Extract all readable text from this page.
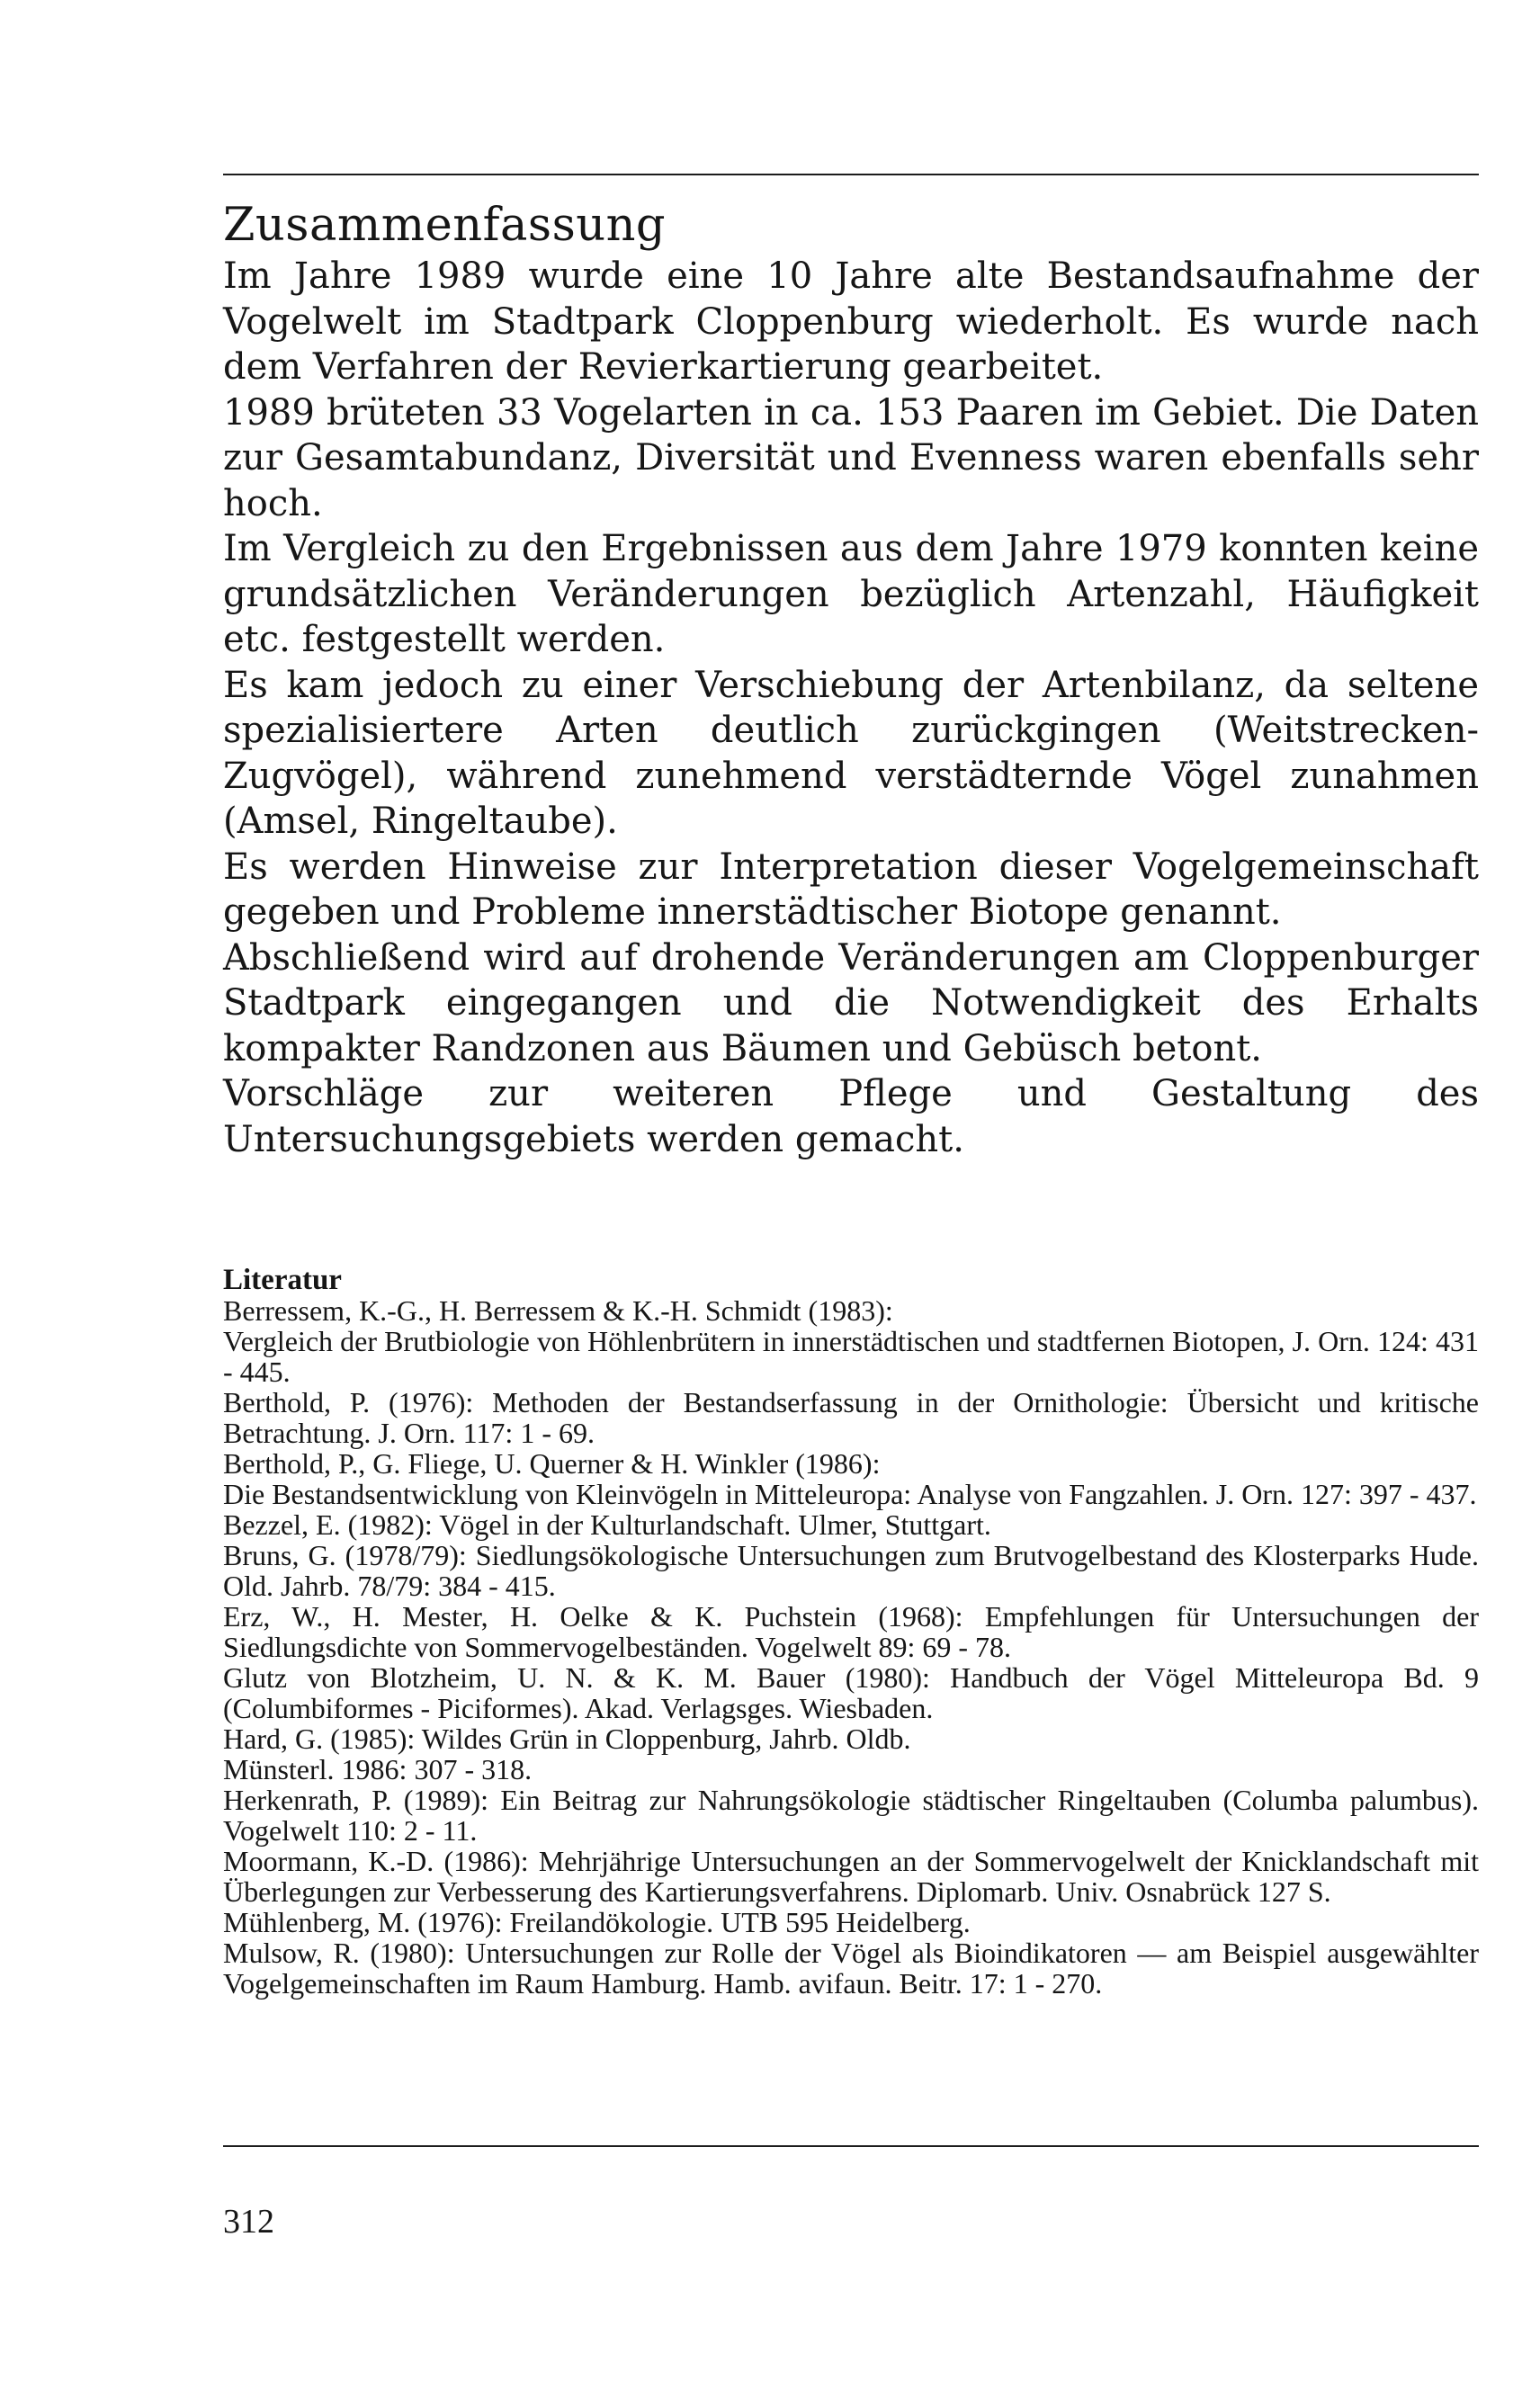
Zusammenfassung

Im Jahre 1989 wurde eine 10 Jahre alte Bestandsaufnahme der Vogelwelt im Stadtpark Cloppenburg wiederholt. Es wurde nach dem Verfahren der Revierkartierung gearbeitet.

1989 brüteten 33 Vogelarten in ca. 153 Paaren im Gebiet. Die Daten zur Gesamtabundanz, Diversität und Evenness waren ebenfalls sehr hoch.

Im Vergleich zu den Ergebnissen aus dem Jahre 1979 konnten keine grundsätzlichen Veränderungen bezüglich Artenzahl, Häufigkeit etc. festgestellt werden.

Es kam jedoch zu einer Verschiebung der Artenbilanz, da seltene spezialisiertere Arten deutlich zurückgingen (Weitstrecken-Zugvögel), während zunehmend verstädternde Vögel zunahmen (Amsel, Ringeltaube).

Es werden Hinweise zur Interpretation dieser Vogelgemeinschaft gegeben und Probleme innerstädtischer Biotope genannt.

Abschließend wird auf drohende Veränderungen am Cloppenburger Stadtpark eingegangen und die Notwendigkeit des Erhalts kompakter Randzonen aus Bäumen und Gebüsch betont.

Vorschläge zur weiteren Pflege und Gestaltung des Untersuchungsgebiets werden gemacht.

Literatur

Berressem, K.-G., H. Berressem & K.-H. Schmidt (1983):

Vergleich der Brutbiologie von Höhlenbrütern in innerstädtischen und stadtfernen Biotopen, J. Orn. 124: 431 - 445.

Berthold, P. (1976): Methoden der Bestandserfassung in der Ornithologie: Übersicht und kritische Betrachtung. J. Orn. 117: 1 - 69.

Berthold, P., G. Fliege, U. Querner & H. Winkler (1986):

Die Bestandsentwicklung von Kleinvögeln in Mitteleuropa: Analyse von Fangzahlen. J. Orn. 127: 397 - 437.

Bezzel, E. (1982): Vögel in der Kulturlandschaft. Ulmer, Stuttgart.

Bruns, G. (1978/79): Siedlungsökologische Untersuchungen zum Brutvogelbestand des Klosterparks Hude. Old. Jahrb. 78/79: 384 - 415.

Erz, W., H. Mester, H. Oelke & K. Puchstein (1968): Empfehlungen für Untersuchungen der Siedlungsdichte von Sommervogelbeständen. Vogelwelt 89: 69 - 78.

Glutz von Blotzheim, U. N. & K. M. Bauer (1980): Handbuch der Vögel Mitteleuropa Bd. 9 (Columbiformes - Piciformes). Akad. Verlagsges. Wiesbaden.

Hard, G. (1985): Wildes Grün in Cloppenburg, Jahrb. Oldb.

Münsterl. 1986: 307 - 318.

Herkenrath, P. (1989): Ein Beitrag zur Nahrungsökologie städtischer Ringeltauben (Columba palumbus). Vogelwelt 110: 2 - 11.

Moormann, K.-D. (1986): Mehrjährige Untersuchungen an der Sommervogelwelt der Knicklandschaft mit Überlegungen zur Verbesserung des Kartierungsverfahrens. Diplomarb. Univ. Osnabrück 127 S.

Mühlenberg, M. (1976): Freilandökologie. UTB 595 Heidelberg.

Mulsow, R. (1980): Untersuchungen zur Rolle der Vögel als Bioindikatoren — am Beispiel ausgewählter Vogelgemeinschaften im Raum Hamburg. Hamb. avifaun. Beitr. 17: 1 - 270.

312
